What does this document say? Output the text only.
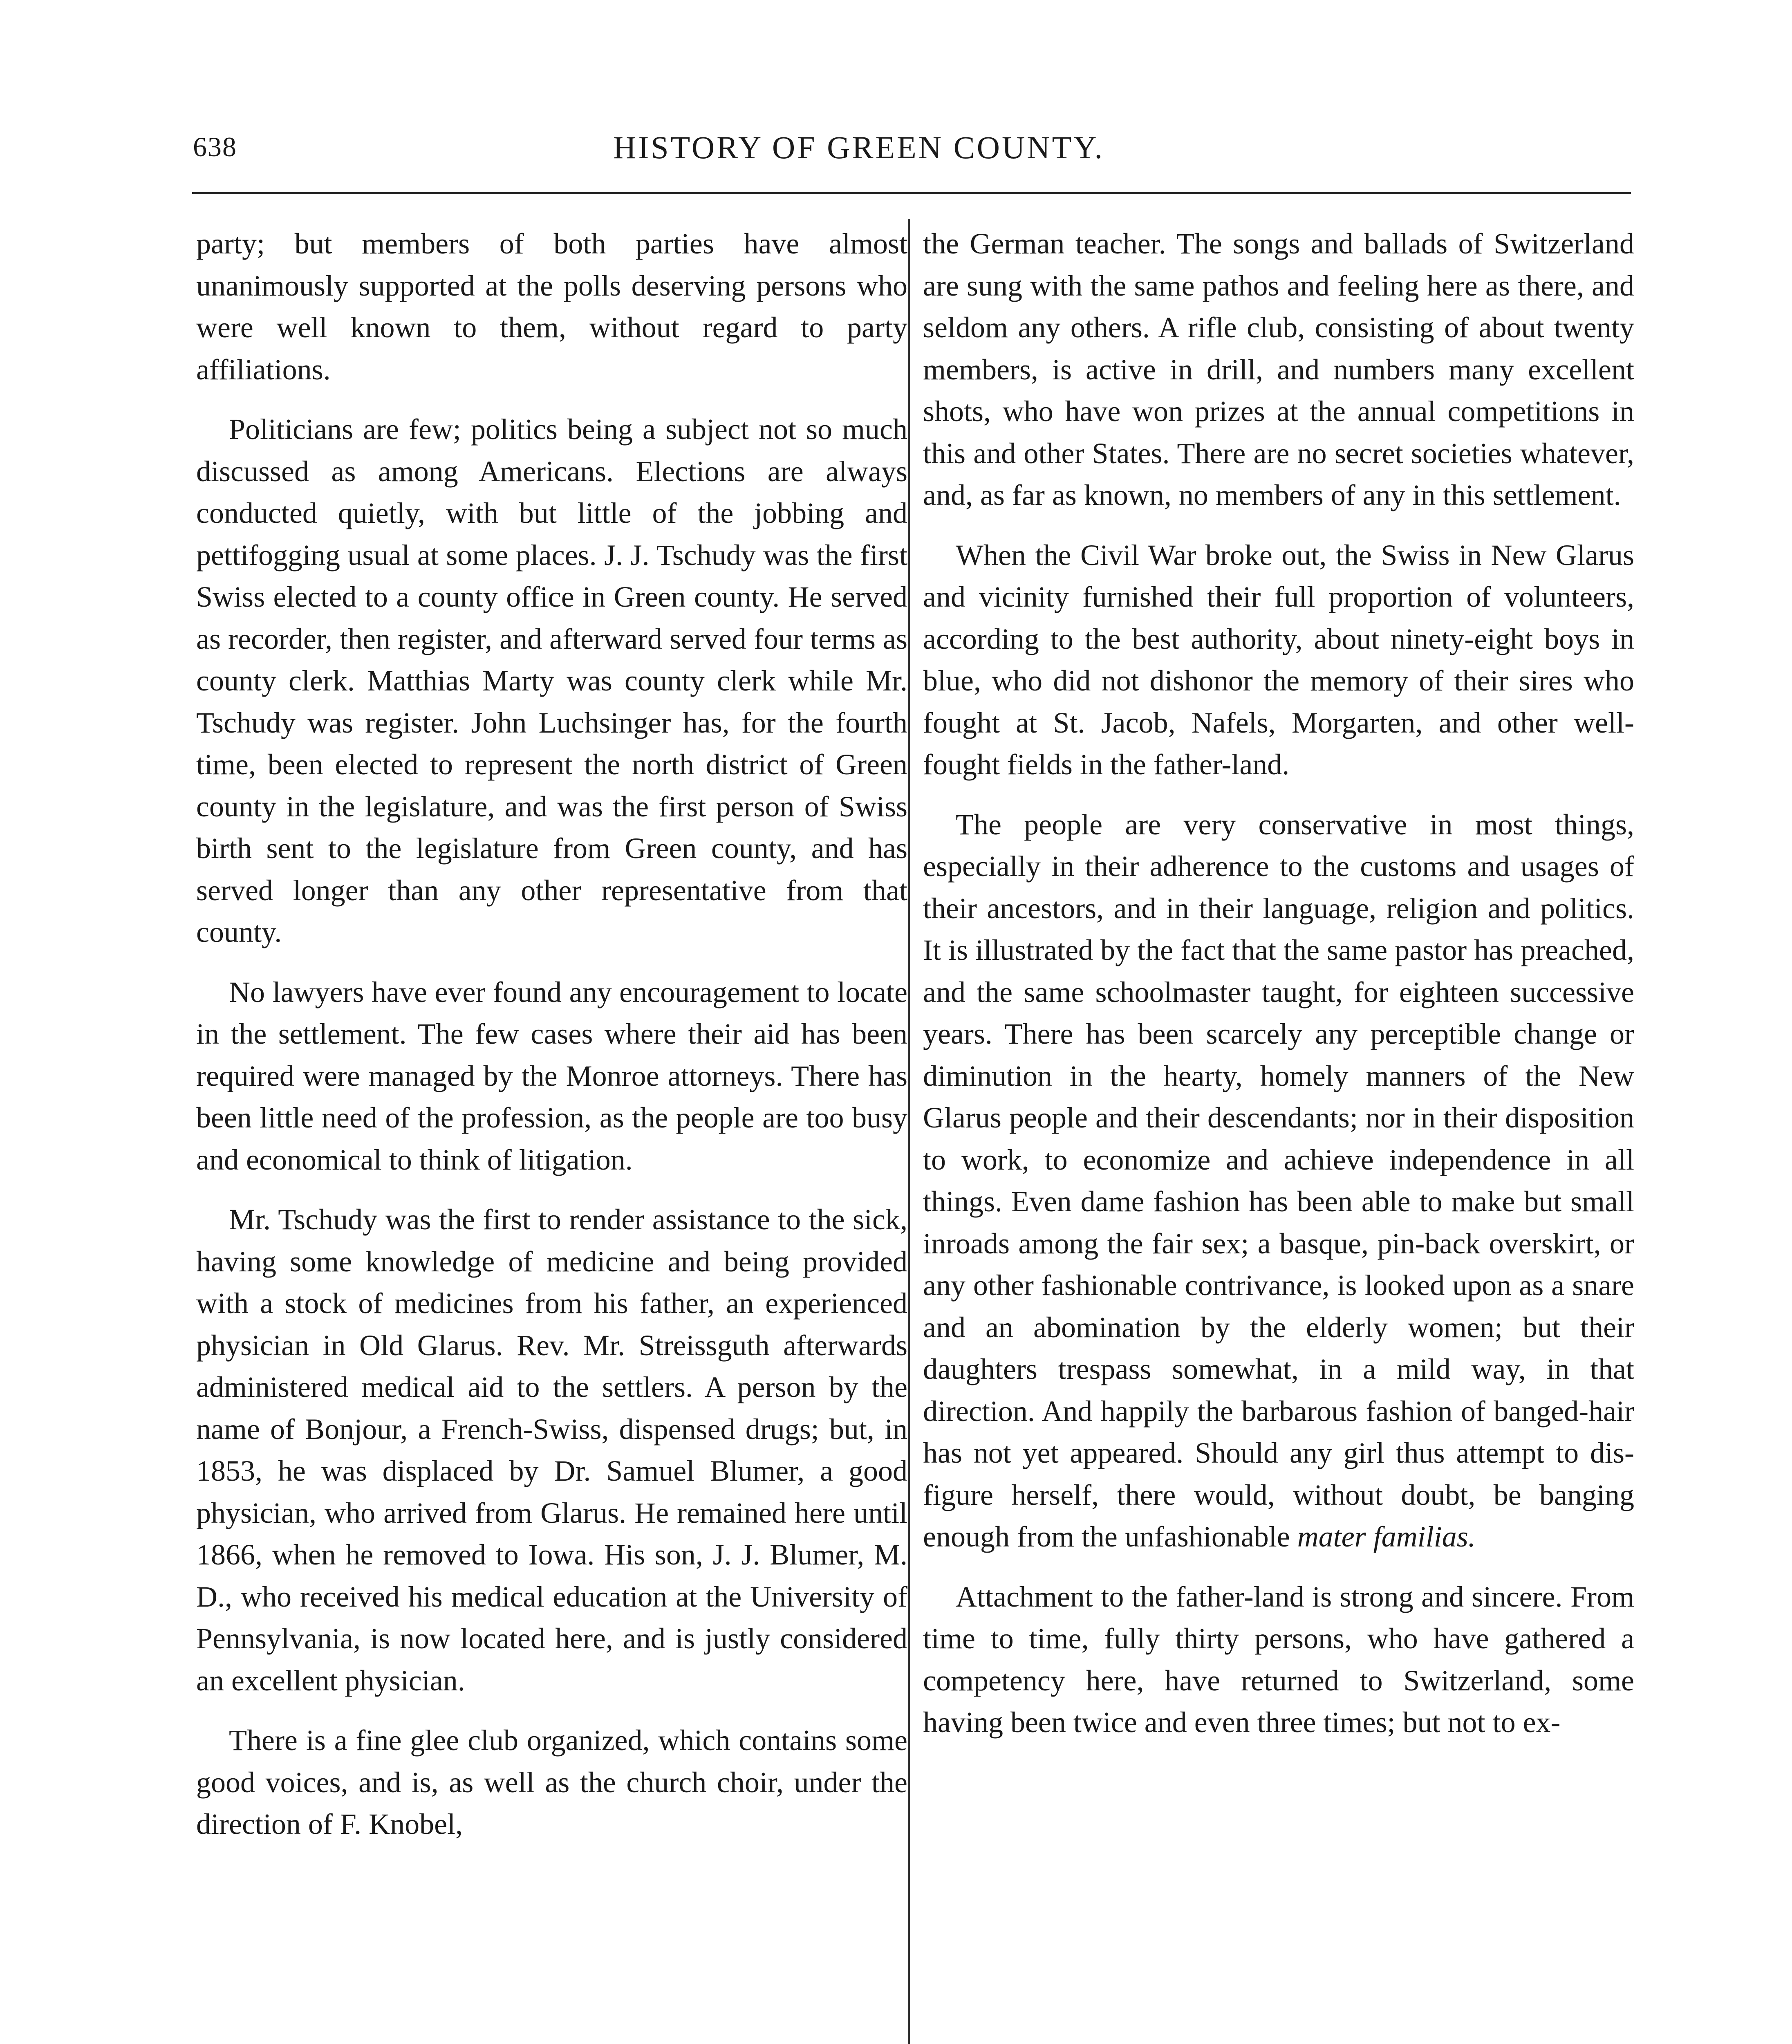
638	HISTORY OF GREEN COUNTY.

party; but members of both parties have almost unanimously supported at the polls deserving persons who were well known to them, without regard to party affiliations.

Politicians are few; politics being a subject not so much discussed as among Americans. Elections are always conducted quietly, with but little of the jobbing and pettifogging usual at some places. J. J. Tschudy was the first Swiss elected to a county office in Green county. He served as recorder, then register, and afterward served four terms as county clerk. Matthias Marty was county clerk while Mr. Tschudy was register. John Luchsinger has, for the fourth time, been elected to represent the north district of Green county in the legislature, and was the first person of Swiss birth sent to the legislature from Green county, and has served longer than any other representative from that county.

No lawyers have ever found any encouragement to locate in the settlement. The few cases where their aid has been required were managed by the Monroe attorneys. There has been little need of the profession, as the people are too busy and economical to think of litigation.

Mr. Tschudy was the first to render assistance to the sick, having some knowledge of medicine and being provided with a stock of medicines from his father, an experienced physician in Old Glarus. Rev. Mr. Streissguth afterwards administered medical aid to the settlers. A person by the name of Bonjour, a French-Swiss, dispensed drugs; but, in 1853, he was displaced by Dr. Samuel Blumer, a good physician, who arrived from Glarus. He remained here until 1866, when he removed to Iowa. His son, J. J. Blumer, M. D., who received his medical education at the University of Pennsylvania, is now located here, and is justly considered an excellent physician.

There is a fine glee club organized, which contains some good voices, and is, as well as the church choir, under the direction of F. Knobel,

the German teacher. The songs and ballads of Switzerland are sung with the same pathos and feeling here as there, and seldom any others. A rifle club, consisting of about twenty members, is active in drill, and numbers many excellent shots, who have won prizes at the annual competitions in this and other States. There are no secret societies whatever, and, as far as known, no members of any in this settlement.

When the Civil War broke out, the Swiss in New Glarus and vicinity furnished their full proportion of volunteers, according to the best authority, about ninety-eight boys in blue, who did not dishonor the memory of their sires who fought at St. Jacob, Nafels, Morgarten, and other well-fought fields in the father-land.

The people are very conservative in most things, especially in their adherence to the customs and usages of their ancestors, and in their language, religion and politics. It is illustrated by the fact that the same pastor has preached, and the same schoolmaster taught, for eighteen successive years. There has been scarcely any perceptible change or diminution in the hearty, homely manners of the New Glarus people and their descendants; nor in their disposition to work, to economize and achieve independence in all things. Even dame fashion has been able to make but small inroads among the fair sex; a basque, pin-back overskirt, or any other fashionable contrivance, is looked upon as a snare and an abomination by the elderly women; but their daughters trespass somewhat, in a mild way, in that direction. And happily the barbarous fashion of banged-hair has not yet appeared. Should any girl thus attempt to disfigure herself, there would, without doubt, be banging enough from the unfashionable mater familias.

Attachment to the father-land is strong and sincere. From time to time, fully thirty persons, who have gathered a competency here, have returned to Switzerland, some having been twice and even three times; but not to ex-
